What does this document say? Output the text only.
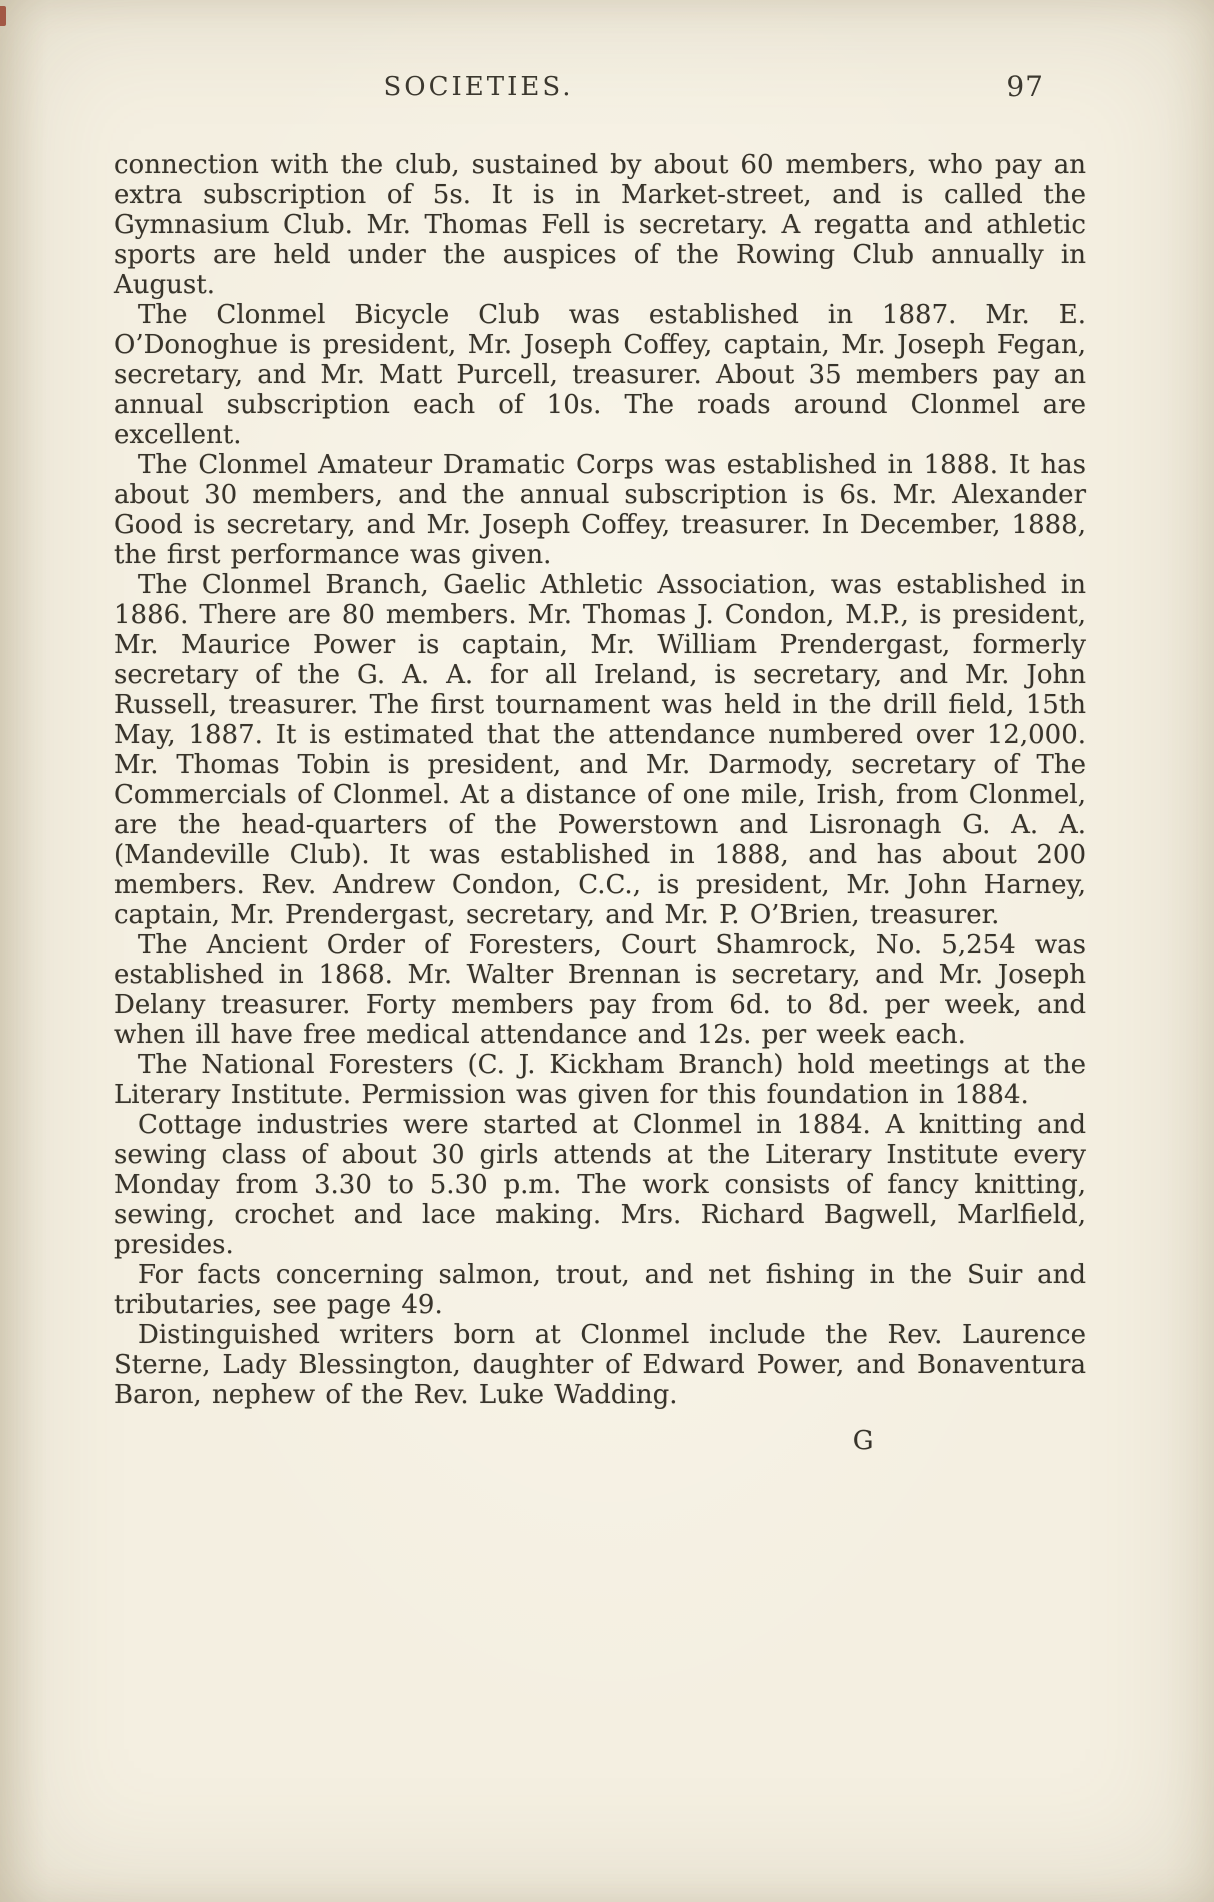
SOCIETIES.	97

connection with the club, sustained by about 60 members, who pay an extra subscription of 5s. It is in Market-street, and is called the Gymnasium Club. Mr. Thomas Fell is secretary. A regatta and athletic sports are held under the auspices of the Rowing Club annually in August.

The Clonmel Bicycle Club was established in 1887. Mr. E. O’Donoghue is president, Mr. Joseph Coffey, captain, Mr. Joseph Fegan, secretary, and Mr. Matt Purcell, treasurer. About 35 members pay an annual subscription each of 10s. The roads around Clonmel are excellent.

The Clonmel Amateur Dramatic Corps was established in 1888. It has about 30 members, and the annual subscription is 6s. Mr. Alexander Good is secretary, and Mr. Joseph Coffey, treasurer. In December, 1888, the first performance was given.

The Clonmel Branch, Gaelic Athletic Association, was established in 1886. There are 80 members. Mr. Thomas J. Condon, M.P., is president, Mr. Maurice Power is captain, Mr. William Prendergast, formerly secretary of the G. A. A. for all Ireland, is secretary, and Mr. John Russell, treasurer. The first tournament was held in the drill field, 15th May, 1887. It is estimated that the attendance numbered over 12,000. Mr. Thomas Tobin is president, and Mr. Darmody, secretary of The Commercials of Clonmel. At a distance of one mile, Irish, from Clonmel, are the head-quarters of the Powerstown and Lisronagh G. A. A. (Mandeville Club). It was established in 1888, and has about 200 members. Rev. Andrew Condon, C.C., is president, Mr. John Harney, captain, Mr. Prendergast, secretary, and Mr. P. O’Brien, treasurer.

The Ancient Order of Foresters, Court Shamrock, No. 5,254 was established in 1868. Mr. Walter Brennan is secretary, and Mr. Joseph Delany treasurer. Forty members pay from 6d. to 8d. per week, and when ill have free medical attendance and 12s. per week each.

The National Foresters (C. J. Kickham Branch) hold meetings at the Literary Institute. Permission was given for this foundation in 1884.

Cottage industries were started at Clonmel in 1884. A knitting and sewing class of about 30 girls attends at the Literary Institute every Monday from 3.30 to 5.30 p.m. The work consists of fancy knitting, sewing, crochet and lace making. Mrs. Richard Bagwell, Marlfield, presides.

For facts concerning salmon, trout, and net fishing in the Suir and tributaries, see page 49.

Distinguished writers born at Clonmel include the Rev. Laurence Sterne, Lady Blessington, daughter of Edward Power, and Bonaventura Baron, nephew of the Rev. Luke Wadding.

G
